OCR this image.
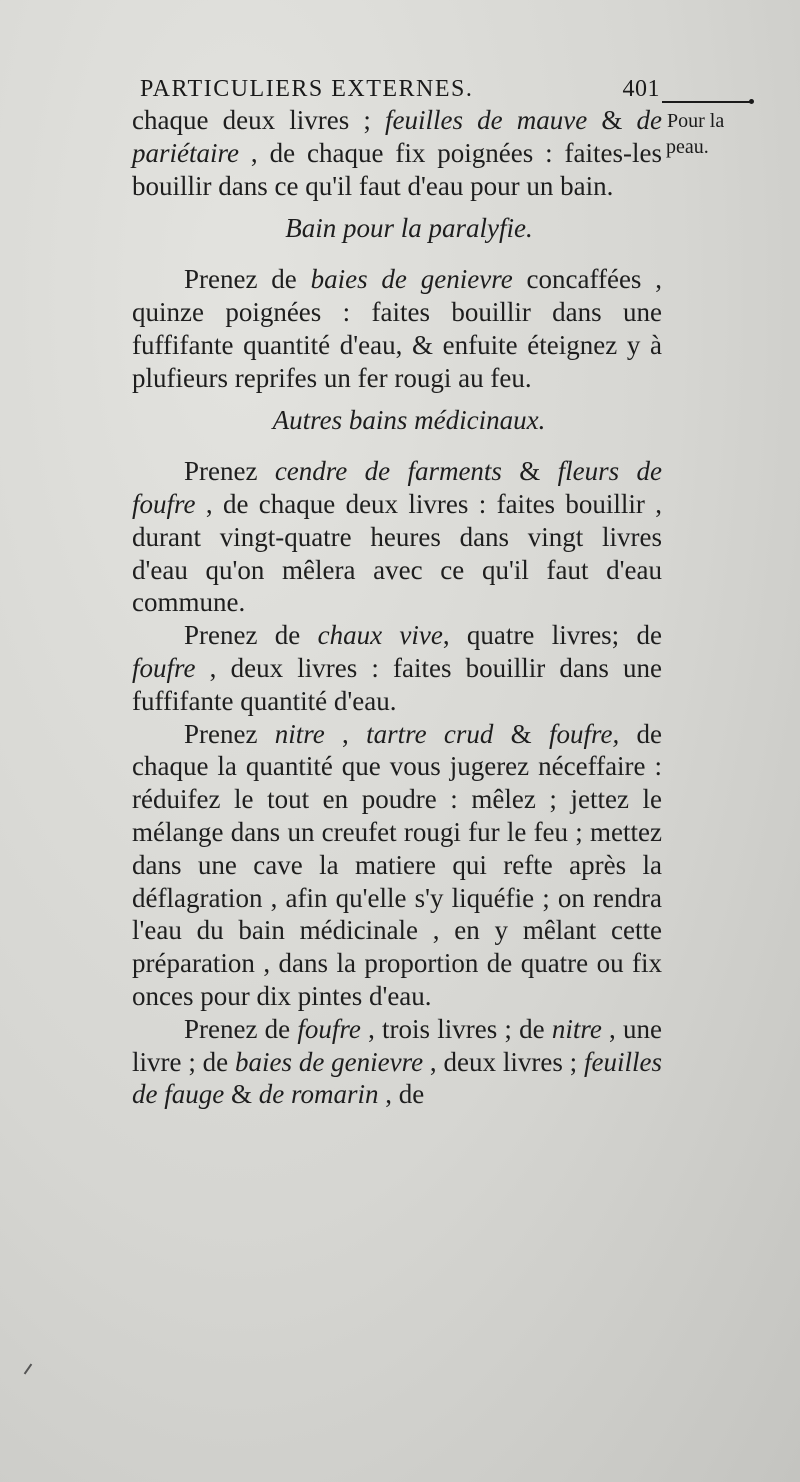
PARTICULIERS EXTERNES.	401
Pour la
peau.

chaque deux livres ; feuilles de mauve & de pariétaire , de chaque fix poignées : faites-les bouillir dans ce qu'il faut d'eau pour un bain.

Bain pour la paralyfie.

Prenez de baies de genievre concaffées , quinze poignées : faites bouillir dans une fuffifante quantité d'eau, & enfuite éteignez y à plufieurs reprifes un fer rougi au feu.

Autres bains médicinaux.

Prenez cendre de farments & fleurs de foufre , de chaque deux livres : faites bouillir , durant vingt-quatre heures dans vingt livres d'eau qu'on mêlera avec ce qu'il faut d'eau commune.

Prenez de chaux vive, quatre livres; de foufre , deux livres : faites bouillir dans une fuffifante quantité d'eau.

Prenez nitre , tartre crud & foufre, de chaque la quantité que vous jugerez néceffaire : réduifez le tout en poudre : mêlez ; jettez le mélange dans un creufet rougi fur le feu ; mettez dans une cave la matiere qui refte après la déflagration , afin qu'elle s'y liquéfie ; on rendra l'eau du bain médicinale , en y mêlant cette préparation , dans la proportion de quatre ou fix onces pour dix pintes d'eau.

Prenez de foufre , trois livres ; de nitre , une livre ; de baies de genievre , deux livres ; feuilles de fauge & de romarin , de
